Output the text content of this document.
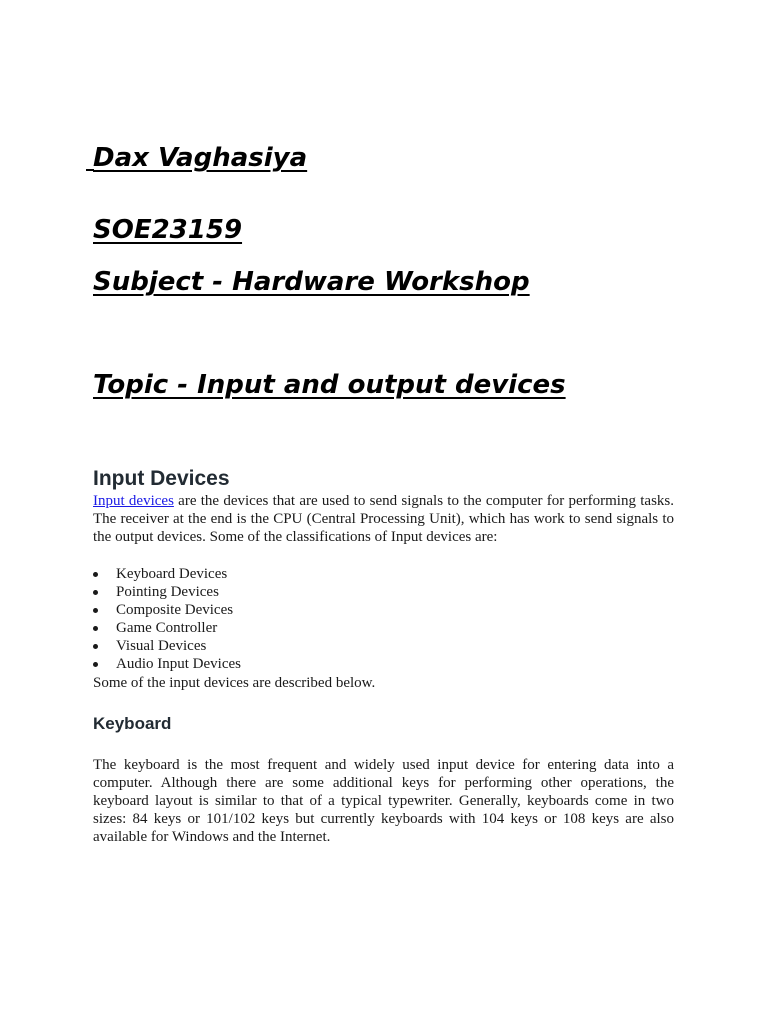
Dax Vaghasiya
SOE23159
Subject - Hardware Workshop
Topic - Input and output devices
Input Devices
Input devices are the devices that are used to send signals to the computer for performing tasks. The receiver at the end is the CPU (Central Processing Unit), which has work to send signals to the output devices. Some of the classifications of Input devices are:
Keyboard Devices
Pointing Devices
Composite Devices
Game Controller
Visual Devices
Audio Input Devices
Some of the input devices are described below.
Keyboard
The keyboard is the most frequent and widely used input device for entering data into a computer. Although there are some additional keys for performing other operations, the keyboard layout is similar to that of a typical typewriter. Generally, keyboards come in two sizes: 84 keys or 101/102 keys but currently keyboards with 104 keys or 108 keys are also available for Windows and the Internet.
